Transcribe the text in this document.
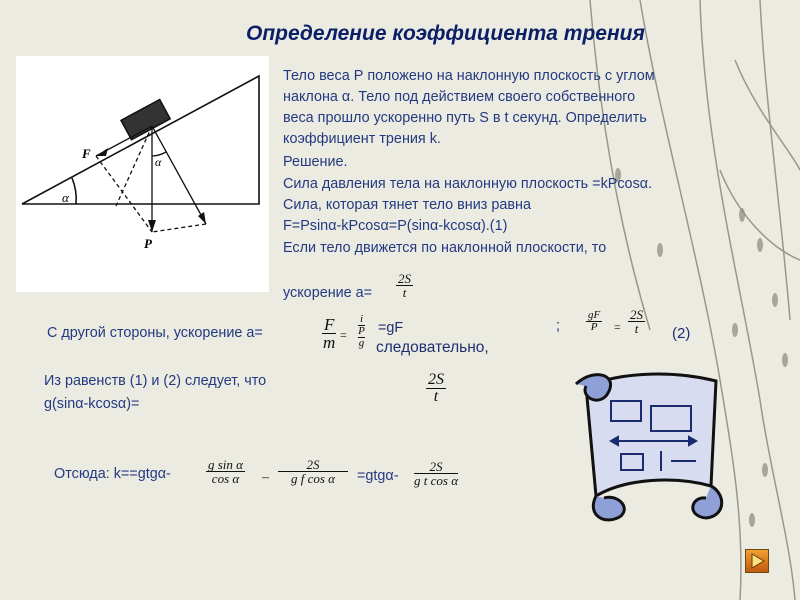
Определение коэффициента трения
F
α
α
P
Тело веса Р положено на наклонную плоскость с углом
наклона α. Тело под действием своего собственного
веса прошло ускоренно путь S в t секунд. Определить
коэффициент трения k.
Решение.
Сила давления тела на наклонную плоскость =kPcosα.
Сила, которая тянет тело вниз равна
F=Psinα-kPcosα=P(sinα-kcosα).(1)
Если тело движется по наклонной плоскости, то
ускорение а=
2S
t
С другой стороны, ускорение а=	F
m =
i
P
g
=gF
следовательно,
;
gF
P =
2S
t (2)
Из равенств (1) и (2) следует, что
g(sinα-kcosα)=
2S
t
Отсюда: k==gtgα-
g sin α
cos α –
2S
g f cos α =gtgα-
2S
g t cos α
